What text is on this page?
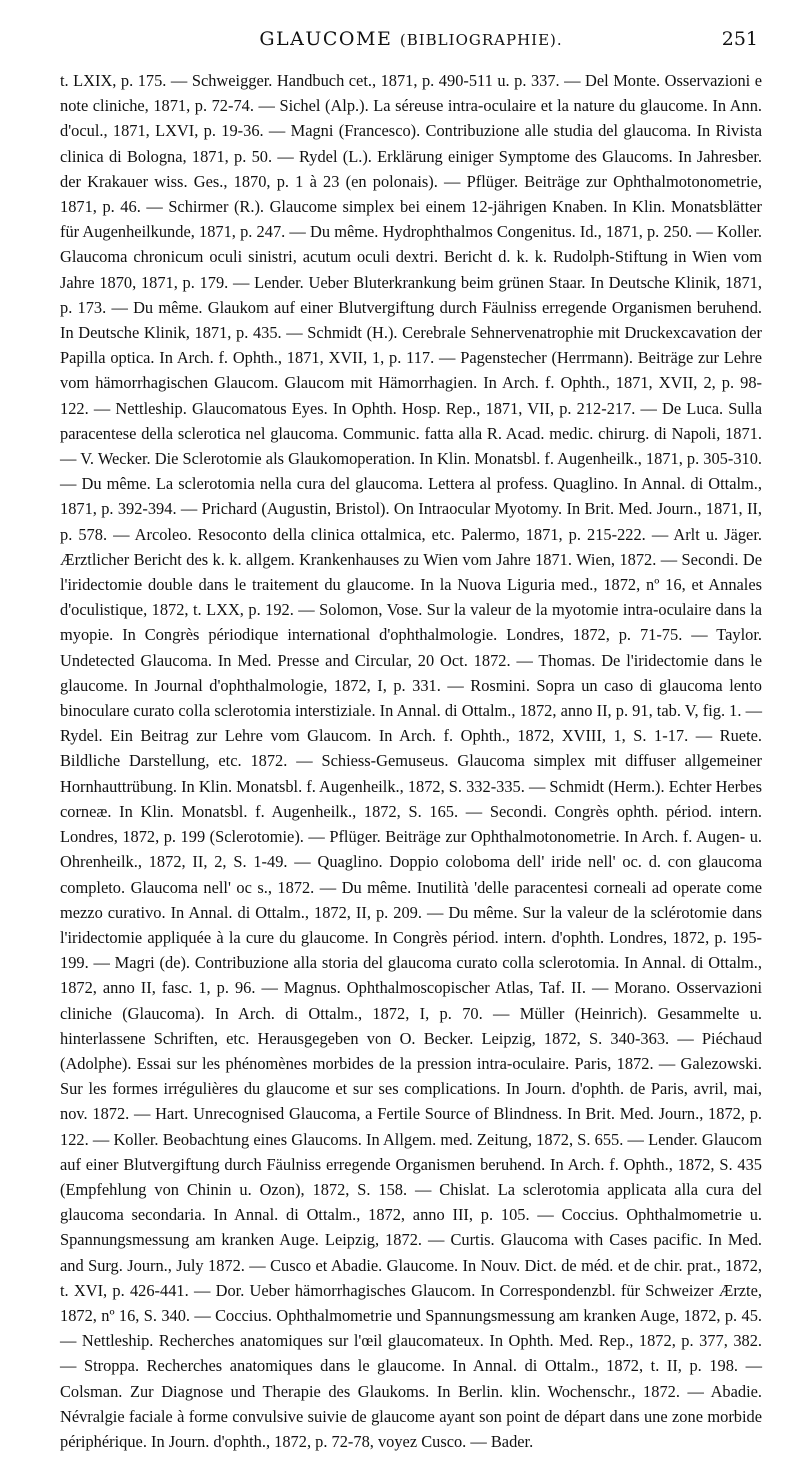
GLAUCOME (BIBLIOGRAPHIE).	251

t. LXIX, p. 175. — Schweigger. Handbuch cet., 1871, p. 490-511 u. p. 337. — Del Monte. Osservazioni e note cliniche, 1871, p. 72-74. — Sichel (Alp.). La séreuse intra-oculaire et la nature du glaucome. In Ann. d'ocul., 1871, LXVI, p. 19-36. — Magni (Francesco). Contribuzione alle studia del glaucoma. In Rivista clinica di Bologna, 1871, p. 50. — Rydel (L.). Erklärung einiger Symptome des Glaucoms. In Jahresber. der Krakauer wiss. Ges., 1870, p. 1 à 23 (en polonais). — Pflüger. Beiträge zur Ophthalmotonometrie, 1871, p. 46. — Schirmer (R.). Glaucome simplex bei einem 12-jährigen Knaben. In Klin. Monatsblätter für Augenheilkunde, 1871, p. 247. — Du même. Hydrophthalmos Congenitus. Id., 1871, p. 250. — Koller. Glaucoma chronicum oculi sinistri, acutum oculi dextri. Bericht d. k. k. Rudolph-Stiftung in Wien vom Jahre 1870, 1871, p. 179. — Lender. Ueber Bluterkrankung beim grünen Staar. In Deutsche Klinik, 1871, p. 173. — Du même. Glaukom auf einer Blutvergiftung durch Fäulniss erregende Organismen beruhend. In Deutsche Klinik, 1871, p. 435. — Schmidt (H.). Cerebrale Sehnervenatrophie mit Druckexcavation der Papilla optica. In Arch. f. Ophth., 1871, XVII, 1, p. 117. — Pagenstecher (Herrmann). Beiträge zur Lehre vom hämorrhagischen Glaucom. Glaucom mit Hämorrhagien. In Arch. f. Ophth., 1871, XVII, 2, p. 98-122. — Nettleship. Glaucomatous Eyes. In Ophth. Hosp. Rep., 1871, VII, p. 212-217. — De Luca. Sulla paracentese della sclerotica nel glaucoma. Communic. fatta alla R. Acad. medic. chirurg. di Napoli, 1871. — V. Wecker. Die Sclerotomie als Glaukomoperation. In Klin. Monatsbl. f. Augenheilk., 1871, p. 305-310. — Du même. La sclerotomia nella cura del glaucoma. Lettera al profess. Quaglino. In Annal. di Ottalm., 1871, p. 392-394. — Prichard (Augustin, Bristol). On Intraocular Myotomy. In Brit. Med. Journ., 1871, II, p. 578. — Arcoleo. Resoconto della clinica ottalmica, etc. Palermo, 1871, p. 215-222. — Arlt u. Jäger. Ærztlicher Bericht des k. k. allgem. Krankenhauses zu Wien vom Jahre 1871. Wien, 1872. — Secondi. De l'iridectomie double dans le traitement du glaucome. In la Nuova Liguria med., 1872, nº 16, et Annales d'oculistique, 1872, t. LXX, p. 192. — Solomon, Vose. Sur la valeur de la myotomie intra-oculaire dans la myopie. In Congrès périodique international d'ophthalmologie. Londres, 1872, p. 71-75. — Taylor. Undetected Glaucoma. In Med. Presse and Circular, 20 Oct. 1872. — Thomas. De l'iridectomie dans le glaucome. In Journal d'ophthalmologie, 1872, I, p. 331. — Rosmini. Sopra un caso di glaucoma lento binoculare curato colla sclerotomia interstiziale. In Annal. di Ottalm., 1872, anno II, p. 91, tab. V, fig. 1. — Rydel. Ein Beitrag zur Lehre vom Glaucom. In Arch. f. Ophth., 1872, XVIII, 1, S. 1-17. — Ruete. Bildliche Darstellung, etc. 1872. — Schiess-Gemuseus. Glaucoma simplex mit diffuser allgemeiner Hornhauttrübung. In Klin. Monatsbl. f. Augenheilk., 1872, S. 332-335. — Schmidt (Herm.). Echter Herbes corneæ. In Klin. Monatsbl. f. Augenheilk., 1872, S. 165. — Secondi. Congrès ophth. périod. intern. Londres, 1872, p. 199 (Sclerotomie). — Pflüger. Beiträge zur Ophthalmotonometrie. In Arch. f. Augen- u. Ohrenheilk., 1872, II, 2, S. 1-49. — Quaglino. Doppio coloboma dell' iride nell' oc. d. con glaucoma completo. Glaucoma nell' oc s., 1872. — Du même. Inutilità 'delle paracentesi corneali ad operate come mezzo curativo. In Annal. di Ottalm., 1872, II, p. 209. — Du même. Sur la valeur de la sclérotomie dans l'iridectomie appliquée à la cure du glaucome. In Congrès périod. intern. d'ophth. Londres, 1872, p. 195-199. — Magri (de). Contribuzione alla storia del glaucoma curato colla sclerotomia. In Annal. di Ottalm., 1872, anno II, fasc. 1, p. 96. — Magnus. Ophthalmoscopischer Atlas, Taf. II. — Morano. Osservazioni cliniche (Glaucoma). In Arch. di Ottalm., 1872, I, p. 70. — Müller (Heinrich). Gesammelte u. hinterlassene Schriften, etc. Herausgegeben von O. Becker. Leipzig, 1872, S. 340-363. — Piéchaud (Adolphe). Essai sur les phénomènes morbides de la pression intra-oculaire. Paris, 1872. — Galezowski. Sur les formes irrégulières du glaucome et sur ses complications. In Journ. d'ophth. de Paris, avril, mai, nov. 1872. — Hart. Unrecognised Glaucoma, a Fertile Source of Blindness. In Brit. Med. Journ., 1872, p. 122. — Koller. Beobachtung eines Glaucoms. In Allgem. med. Zeitung, 1872, S. 655. — Lender. Glaucom auf einer Blutvergiftung durch Fäulniss erregende Organismen beruhend. In Arch. f. Ophth., 1872, S. 435 (Empfehlung von Chinin u. Ozon), 1872, S. 158. — Chislat. La sclerotomia applicata alla cura del glaucoma secondaria. In Annal. di Ottalm., 1872, anno III, p. 105. — Coccius. Ophthalmometrie u. Spannungsmessung am kranken Auge. Leipzig, 1872. — Curtis. Glaucoma with Cases pacific. In Med. and Surg. Journ., July 1872. — Cusco et Abadie. Glaucome. In Nouv. Dict. de méd. et de chir. prat., 1872, t. XVI, p. 426-441. — Dor. Ueber hämorrhagisches Glaucom. In Correspondenzbl. für Schweizer Ærzte, 1872, nº 16, S. 340. — Coccius. Ophthalmometrie und Spannungsmessung am kranken Auge, 1872, p. 45. — Nettleship. Recherches anatomiques sur l'œil glaucomateux. In Ophth. Med. Rep., 1872, p. 377, 382. — Stroppa. Recherches anatomiques dans le glaucome. In Annal. di Ottalm., 1872, t. II, p. 198. — Colsman. Zur Diagnose und Therapie des Glaukoms. In Berlin. klin. Wochenschr., 1872. — Abadie. Névralgie faciale à forme convulsive suivie de glaucome ayant son point de départ dans une zone morbide périphérique. In Journ. d'ophth., 1872, p. 72-78, voyez Cusco. — Bader.
